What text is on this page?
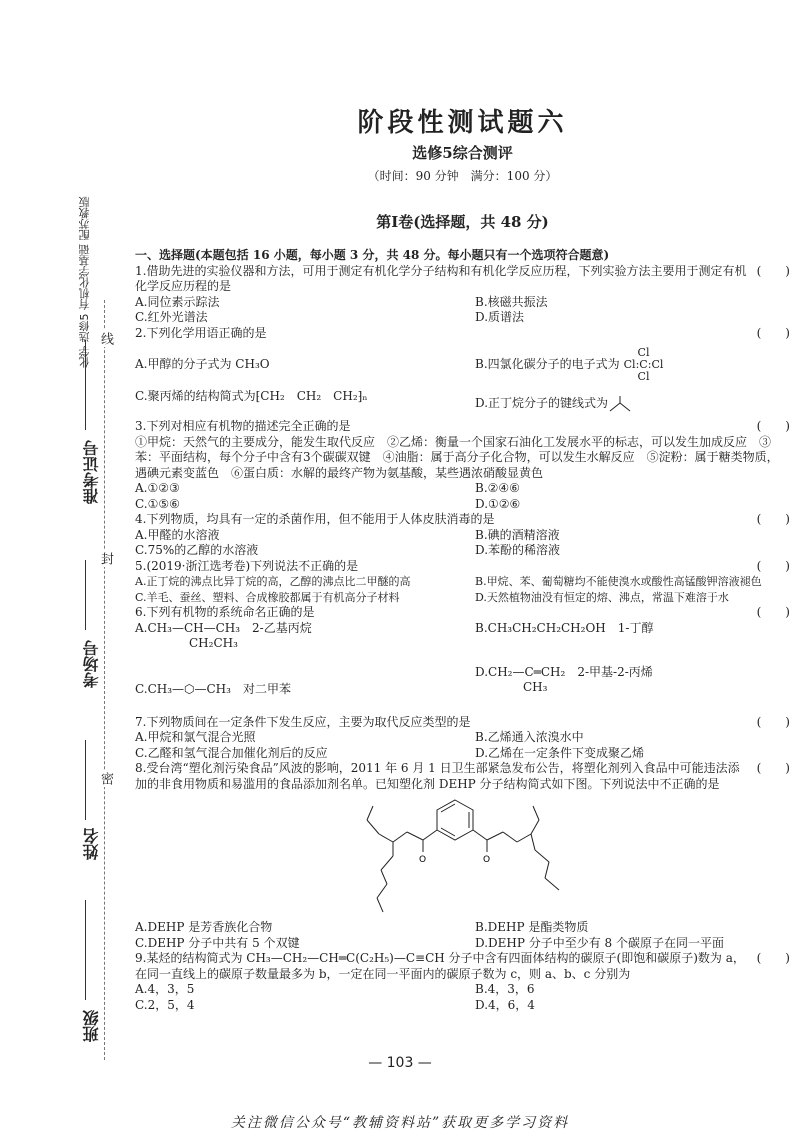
化学 选修5 有机化学基础 配苏教版 线
封
密
准考证号
考场号
姓名
班级
阶段性测试题六
选修5综合测评
（时间：90 分钟　满分：100 分）
第Ⅰ卷(选择题，共 48 分)
一、选择题(本题包括 16 小题，每小题 3 分，共 48 分。每小题只有一个选项符合题意)
1.借助先进的实验仪器和方法，可用于测定有机化学分子结构和有机化学反应历程，下列实验方法主要用于测定有机化学反应历程的是
(　　)
A.同位素示踪法	B.核磁共振法
C.红外光谱法	D.质谱法
2.下列化学用语正确的是	(　　)
A.甲醇的分子式为 CH₃O	B.四氯化碳分子的电子式为
Cl
Cl :C: Cl
Cl
C.聚丙烯的结构简式为⁅CH₂　CH₂　CH₂⁆ₙ
D.正丁烷分子的键线式为
3.下列对相应有机物的描述完全正确的是	(　　)
①甲烷：天然气的主要成分，能发生取代反应　②乙烯：衡量一个国家石油化工发展水平的标志，可以发生加成反应　③苯：平面结构，每个分子中含有3个碳碳双键　④油脂：属于高分子化合物，可以发生水解反应　⑤淀粉：属于糖类物质，遇碘元素变蓝色　⑥蛋白质：水解的最终产物为氨基酸，某些遇浓硝酸显黄色
A.①②③	B.②④⑥
C.①⑤⑥	D.①②⑥
4.下列物质，均具有一定的杀菌作用，但不能用于人体皮肤消毒的是	(　　)
A.甲醛的水溶液	B.碘的酒精溶液
C.75%的乙醇的水溶液	D.苯酚的稀溶液
5.(2019·浙江选考卷)下列说法不正确的是	(　　)
A.正丁烷的沸点比异丁烷的高，乙醇的沸点比二甲醚的高	B.甲烷、苯、葡萄糖均不能使溴水或酸性高锰酸钾溶液褪色
C.羊毛、蚕丝、塑料、合成橡胶都属于有机高分子材料	D.天然植物油没有恒定的熔、沸点，常温下难溶于水
6.下列有机物的系统命名正确的是	(　　)
A.CH₃—CH—CH₃　2-乙基丙烷
CH₂CH₃
B.CH₃CH₂CH₂CH₂OH　1-丁醇
C.CH₃—⬡—CH₃　对二甲苯
D.CH₂—C═CH₂　2-甲基-2-丙烯
CH₃
7.下列物质间在一定条件下发生反应，主要为取代反应类型的是	(　　)
A.甲烷和氯气混合光照	B.乙烯通入浓溴水中
C.乙醛和氢气混合加催化剂后的反应	D.乙烯在一定条件下变成聚乙烯
8.受台湾“塑化剂污染食品”风波的影响，2011 年 6 月 1 日卫生部紧急发布公告，将塑化剂列入食品中可能违法添加的非食用物质和易滥用的食品添加剂名单。已知塑化剂 DEHP 分子结构简式如下图。下列说法中不正确的是
(　　)
O	O
A.DEHP 是芳香族化合物	B.DEHP 是酯类物质
C.DEHP 分子中共有 5 个双键	D.DEHP 分子中至少有 8 个碳原子在同一平面
9.某烃的结构简式为 CH₃—CH₂—CH═C(C₂H₅)—C≡CH 分子中含有四面体结构的碳原子(即饱和碳原子)数为 a，在同一直线上的碳原子数量最多为 b，一定在同一平面内的碳原子数为 c，则 a、b、c 分别为
(　　)
A.4，3，5	B.4，3，6
C.2，5，4	D.4，6，4
— 103 —
关注微信公众号“教辅资料站”获取更多学习资料
